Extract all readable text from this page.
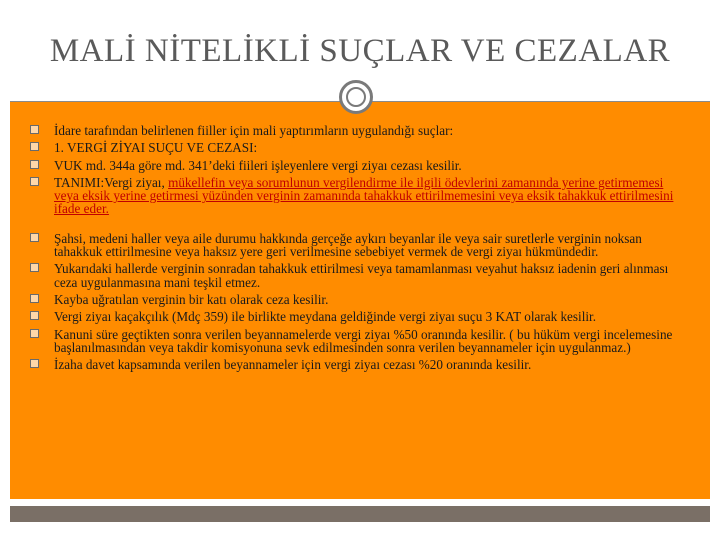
MALİ NİTELİKLİ SUÇLAR VE CEZALAR
İdare tarafından belirlenen fiiller için mali yaptırımların uygulandığı suçlar:
1. VERGİ ZİYAI SUÇU VE CEZASI:
VUK md. 344a göre md. 341’deki fiileri işleyenlere vergi ziyaı cezası kesilir.
TANIMI:Vergi ziyaı, mükellefin veya sorumlunun vergilendirme ile ilgili ödevlerini zamanında yerine getirmemesi veya eksik yerine getirmesi yüzünden verginin zamanında tahakkuk ettirilmemesini veya eksik tahakkuk ettirilmesini ifade eder.
Şahsi, medeni haller veya aile durumu hakkında gerçeğe aykırı beyanlar ile veya sair suretlerle verginin noksan tahakkuk ettirilmesine veya haksız yere geri verilmesine sebebiyet vermek de vergi ziyaı hükmündedir.
Yukarıdaki hallerde verginin sonradan tahakkuk ettirilmesi veya tamamlanması veyahut haksız iadenin geri alınması ceza uygulanmasına mani teşkil etmez.
Kayba uğratılan verginin bir katı olarak ceza kesilir.
Vergi ziyaı kaçakçılık (Mdç 359) ile birlikte meydana geldiğinde vergi ziyaı suçu 3 KAT olarak kesilir.
Kanuni süre geçtikten sonra verilen beyannamelerde vergi ziyaı %50 oranında kesilir. ( bu hüküm vergi incelemesine başlanılmasından veya takdir komisyonuna sevk edilmesinden sonra verilen beyannameler için uygulanmaz.)
İzaha davet kapsamında verilen beyannameler için vergi ziyaı cezası %20 oranında kesilir.
